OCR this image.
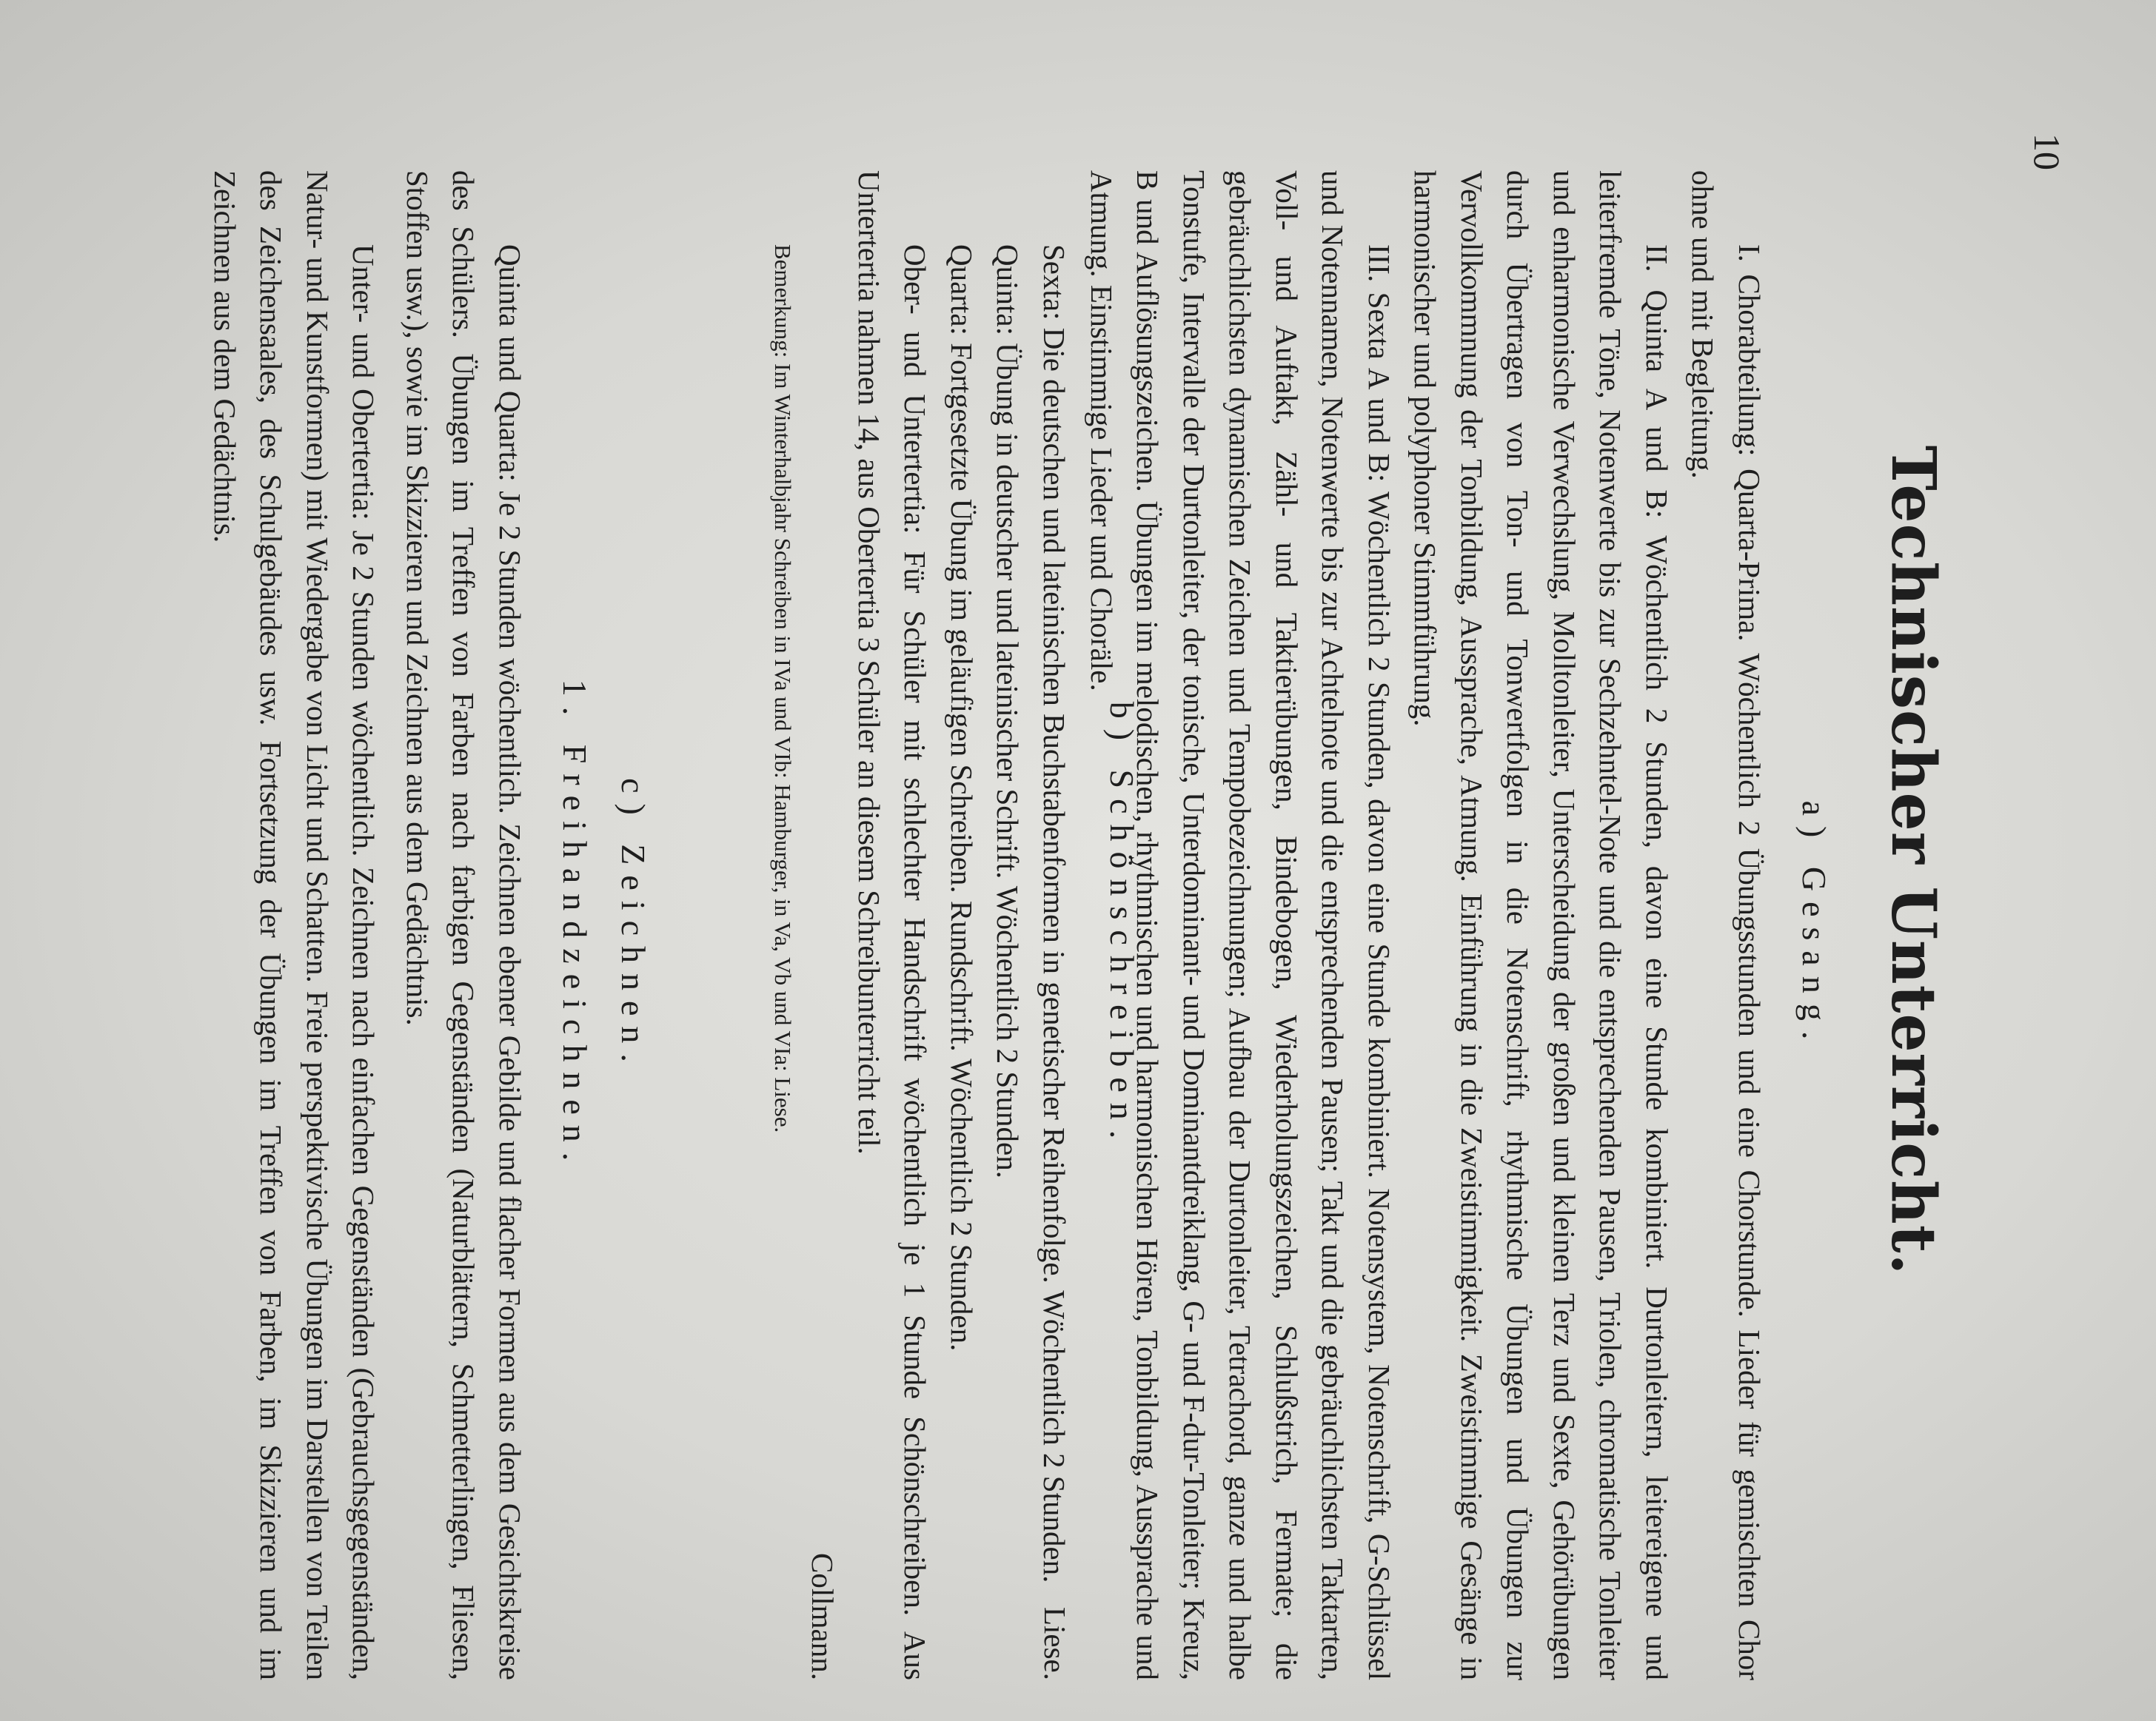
10
Technischer Unterricht.
a) Gesang.

I. Chorabteilung: Quarta-Prima. Wöchentlich 2 Übungsstunden und eine Chorstunde. Lieder für gemischten Chor ohne und mit Begleitung.

II. Quinta A und B: Wöchentlich 2 Stunden, davon eine Stunde kombiniert. Durtonleitern, leitereigene und leiterfremde Töne, Notenwerte bis zur Sechzehntel-Note und die entsprechenden Pausen, Triolen, chromatische Tonleiter und enharmonische Verwechslung, Molltonleiter, Unterscheidung der großen und kleinen Terz und Sexte, Gehörübungen durch Übertragen von Ton- und Tonwertfolgen in die Notenschrift, rhythmische Übungen und Übungen zur Vervollkommnung der Tonbildung, Aussprache, Atmung. Einführung in die Zweistimmigkeit. Zweistimmige Gesänge in harmonischer und polyphoner Stimmführung.

III. Sexta A und B: Wöchentlich 2 Stunden, davon eine Stunde kombiniert. Notensystem, Notenschrift, G-Schlüssel und Notennamen, Notenwerte bis zur Achtelnote und die entsprechenden Pausen; Takt und die gebräuchlichsten Taktarten, Voll- und Auftakt, Zähl- und Taktierübungen, Bindebogen, Wiederholungszeichen, Schlußstrich, Fermate; die gebräuchlichsten dynamischen Zeichen und Tempobezeichnungen; Aufbau der Durtonleiter, Tetrachord, ganze und halbe Tonstufe, Intervalle der Durtonleiter, der tonische, Unterdominant- und Dominantdreiklang, G- und F-dur-Tonleiter; Kreuz, B und Auflösungszeichen. Übungen im melodischen, rhythmischen und harmonischen Hören, Tonbildung, Aussprache und Atmung. Einstimmige Lieder und Choräle.

Liese.

b) Schönschreiben.

Sexta: Die deutschen und lateinischen Buchstabenformen in genetischer Reihenfolge. Wöchentlich 2 Stunden.

Quinta: Übung in deutscher und lateinischer Schrift. Wöchentlich 2 Stunden.

Quarta: Fortgesetzte Übung im geläufigen Schreiben. Rundschrift. Wöchentlich 2 Stunden.

Ober- und Untertertia: Für Schüler mit schlechter Handschrift wöchentlich je 1 Stunde Schönschreiben. Aus Untertertia nahmen 14, aus Obertertia 3 Schüler an diesem Schreibunterricht teil.

Collmann.

Bemerkung: Im Winterhalbjahr Schreiben in IVa und VIb: Hamburger, in Va, Vb und VIa: Liese.

c) Zeichnen.
1. Freihandzeichnen.

Quinta und Quarta: Je 2 Stunden wöchentlich. Zeichnen ebener Gebilde und flacher Formen aus dem Gesichtskreise des Schülers. Übungen im Treffen von Farben nach farbigen Gegenständen (Naturblättern, Schmetterlingen, Fliesen, Stoffen usw.), sowie im Skizzieren und Zeichnen aus dem Gedächtnis.

Unter- und Obertertia: Je 2 Stunden wöchentlich. Zeichnen nach einfachen Gegenständen (Gebrauchsgegenständen, Natur- und Kunstformen) mit Wiedergabe von Licht und Schatten. Freie perspektivische Übungen im Darstellen von Teilen des Zeichensaales, des Schulgebäudes usw. Fortsetzung der Übungen im Treffen von Farben, im Skizzieren und im Zeichnen aus dem Gedächtnis.
